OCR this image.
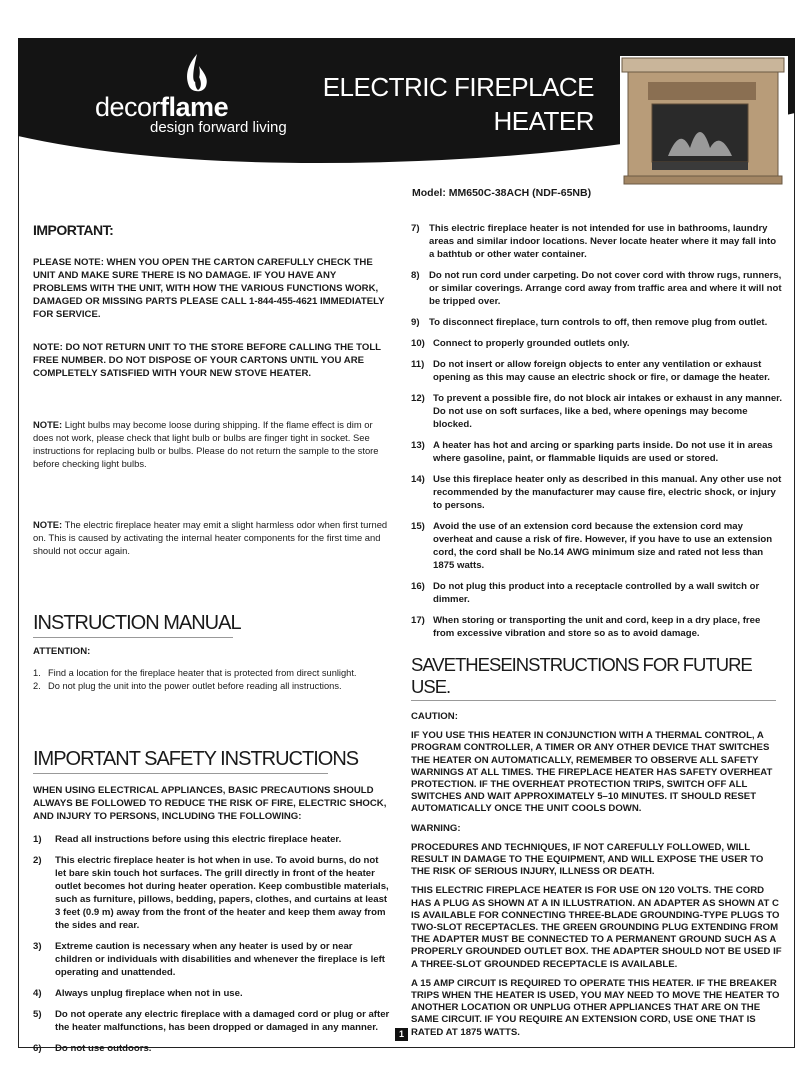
decorflame
design forward living
ELECTRIC FIREPLACE
HEATER
Model: MM650C-38ACH (NDF-65NB)
IMPORTANT:

PLEASE NOTE: WHEN YOU OPEN THE CARTON CAREFULLY CHECK THE UNIT AND MAKE SURE THERE IS NO DAMAGE. IF YOU HAVE ANY PROBLEMS WITH THE UNIT, WITH HOW THE VARIOUS FUNCTIONS WORK, DAMAGED OR MISSING PARTS PLEASE CALL 1-844-455-4621 IMMEDIATELY FOR SERVICE.

NOTE: DO NOT RETURN UNIT TO THE STORE BEFORE CALLING THE TOLL FREE NUMBER. DO NOT DISPOSE OF YOUR CARTONS UNTIL YOU ARE COMPLETELY SATISFIED WITH YOUR NEW STOVE HEATER.

NOTE: Light bulbs may become loose during shipping. If the flame effect is dim or does not work, please check that light bulb or bulbs are finger tight in socket. See instructions for replacing bulb or bulbs. Please do not return the sample to the store before checking light bulbs.

NOTE: The electric fireplace heater may emit a slight harmless odor when first turned on. This is caused by activating the internal heater components for the first time and should not occur again.

INSTRUCTION MANUAL
ATTENTION:
1. Find a location for the fireplace heater that is protected from direct sunlight.
2. Do not plug the unit into the power outlet before reading all instructions.
IMPORTANT SAFETY INSTRUCTIONS

WHEN USING ELECTRICAL APPLIANCES, BASIC PRECAUTIONS SHOULD ALWAYS BE FOLLOWED TO REDUCE THE RISK OF FIRE, ELECTRIC SHOCK, AND INJURY TO PERSONS, INCLUDING THE FOLLOWING:

1)	Read all instructions before using this electric fireplace heater.
2)	This electric fireplace heater is hot when in use. To avoid burns, do not let bare skin touch hot surfaces. The grill directly in front of the heater outlet becomes hot during heater operation. Keep combustible materials, such as furniture, pillows, bedding, papers, clothes, and curtains at least 3 feet (0.9 m) away from the front of the heater and keep them away from the sides and rear.
3)	Extreme caution is necessary when any heater is used by or near children or individuals with disabilities and whenever the fireplace is left operating and unattended.
4)	Always unplug fireplace when not in use.
5)	Do not operate any electric fireplace with a damaged cord or plug or after the heater malfunctions, has been dropped or damaged in any manner.
6)	Do not use outdoors.
7) This electric fireplace heater is not intended for use in bathrooms, laundry areas and similar indoor locations. Never locate heater where it may fall into a bathtub or other water container.
8) Do not run cord under carpeting. Do not cover cord with throw rugs, runners, or similar coverings. Arrange cord away from traffic area and where it will not be tripped over.
9) To disconnect fireplace, turn controls to off, then remove plug from outlet.
10) Connect to properly grounded outlets only.
11) Do not insert or allow foreign objects to enter any ventilation or exhaust opening as this may cause an electric shock or fire, or damage the heater.
12) To prevent a possible fire, do not block air intakes or exhaust in any manner. Do not use on soft surfaces, like a bed, where openings may become blocked.
13) A heater has hot and arcing or sparking parts inside. Do not use it in areas where gasoline, paint, or flammable liquids are used or stored.
14) Use this fireplace heater only as described in this manual. Any other use not recommended by the manufacturer may cause fire, electric shock, or injury to persons.
15) Avoid the use of an extension cord because the extension cord may overheat and cause a risk of fire. However, if you have to use an extension cord, the cord shall be No.14 AWG minimum size and rated not less than 1875 watts.
16) Do not plug this product into a receptacle controlled by a wall switch or dimmer.
17) When storing or transporting the unit and cord, keep in a dry place, free from excessive vibration and store so as to avoid damage.
SAVETHESEINSTRUCTIONS FOR FUTURE USE.

CAUTION:

IF YOU USE THIS HEATER IN CONJUNCTION WITH A THERMAL CONTROL, A PROGRAM CONTROLLER, A TIMER OR ANY OTHER DEVICE THAT SWITCHES THE HEATER ON AUTOMATICALLY, REMEMBER TO OBSERVE ALL SAFETY WARNINGS AT ALL TIMES. THE FIREPLACE HEATER HAS SAFETY OVERHEAT PROTECTION. IF THE OVERHEAT PROTECTION TRIPS, SWITCH OFF ALL SWITCHES AND WAIT APPROXIMATELY 5–10 MINUTES. IT SHOULD RESET AUTOMATICALLY ONCE THE UNIT COOLS DOWN.

WARNING:

PROCEDURES AND TECHNIQUES, IF NOT CAREFULLY FOLLOWED, WILL RESULT IN DAMAGE TO THE EQUIPMENT, AND WILL EXPOSE THE USER TO THE RISK OF SERIOUS INJURY, ILLNESS OR DEATH.

THIS ELECTRIC FIREPLACE HEATER IS FOR USE ON 120 VOLTS. THE CORD HAS A PLUG AS SHOWN AT A IN ILLUSTRATION. AN ADAPTER AS SHOWN AT C IS AVAILABLE FOR CONNECTING THREE-BLADE GROUNDING-TYPE PLUGS TO TWO-SLOT RECEPTACLES. THE GREEN GROUNDING PLUG EXTENDING FROM THE ADAPTER MUST BE CONNECTED TO A PERMANENT GROUND SUCH AS A PROPERLY GROUNDED OUTLET BOX. THE ADAPTER SHOULD NOT BE USED IF A THREE-SLOT GROUNDED RECEPTACLE IS AVAILABLE.

A 15 AMP CIRCUIT IS REQUIRED TO OPERATE THIS HEATER. IF THE BREAKER TRIPS WHEN THE HEATER IS USED, YOU MAY NEED TO MOVE THE HEATER TO ANOTHER LOCATION OR UNPLUG OTHER APPLIANCES THAT ARE ON THE SAME CIRCUIT. IF YOU REQUIRE AN EXTENSION CORD, USE ONE THAT IS RATED AT 1875 WATTS.

1
